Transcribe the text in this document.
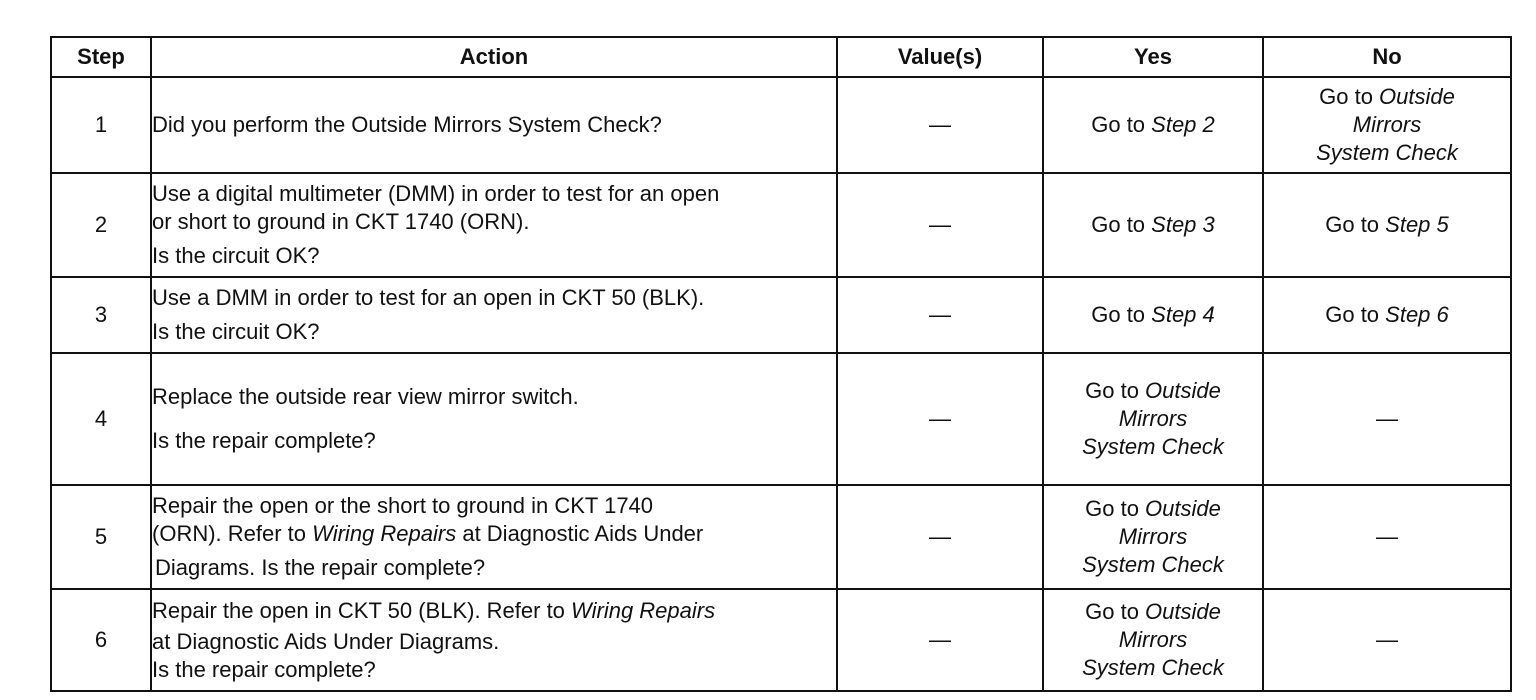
Step	Action	Value(s)	Yes	No
1	Did you perform the Outside Mirrors System Check?	—	Go to Step 2	Go to Outside
Mirrors
System Check

2	Use a digital multimeter (DMM) in order to test for an open
or short to ground in CKT 1740 (ORN).
Is the circuit OK?	—	Go to Step 3	Go to Step 5
3	Use a DMM in order to test for an open in CKT 50 (BLK).
Is the circuit OK?	—	Go to Step 4	Go to Step 6
4	Replace the outside rear view mirror switch.
Is the repair complete?	—	Go to Outside
Mirrors
System Check	—
5	Repair the open or the short to ground in CKT 1740
(ORN). Refer to Wiring Repairs at Diagnostic Aids Under
Diagrams. Is the repair complete?	—	Go to Outside
Mirrors
System Check	—
6	Repair the open in CKT 50 (BLK). Refer to Wiring Repairs
at Diagnostic Aids Under Diagrams.
Is the repair complete?	—	Go to Outside
Mirrors
System Check	—
